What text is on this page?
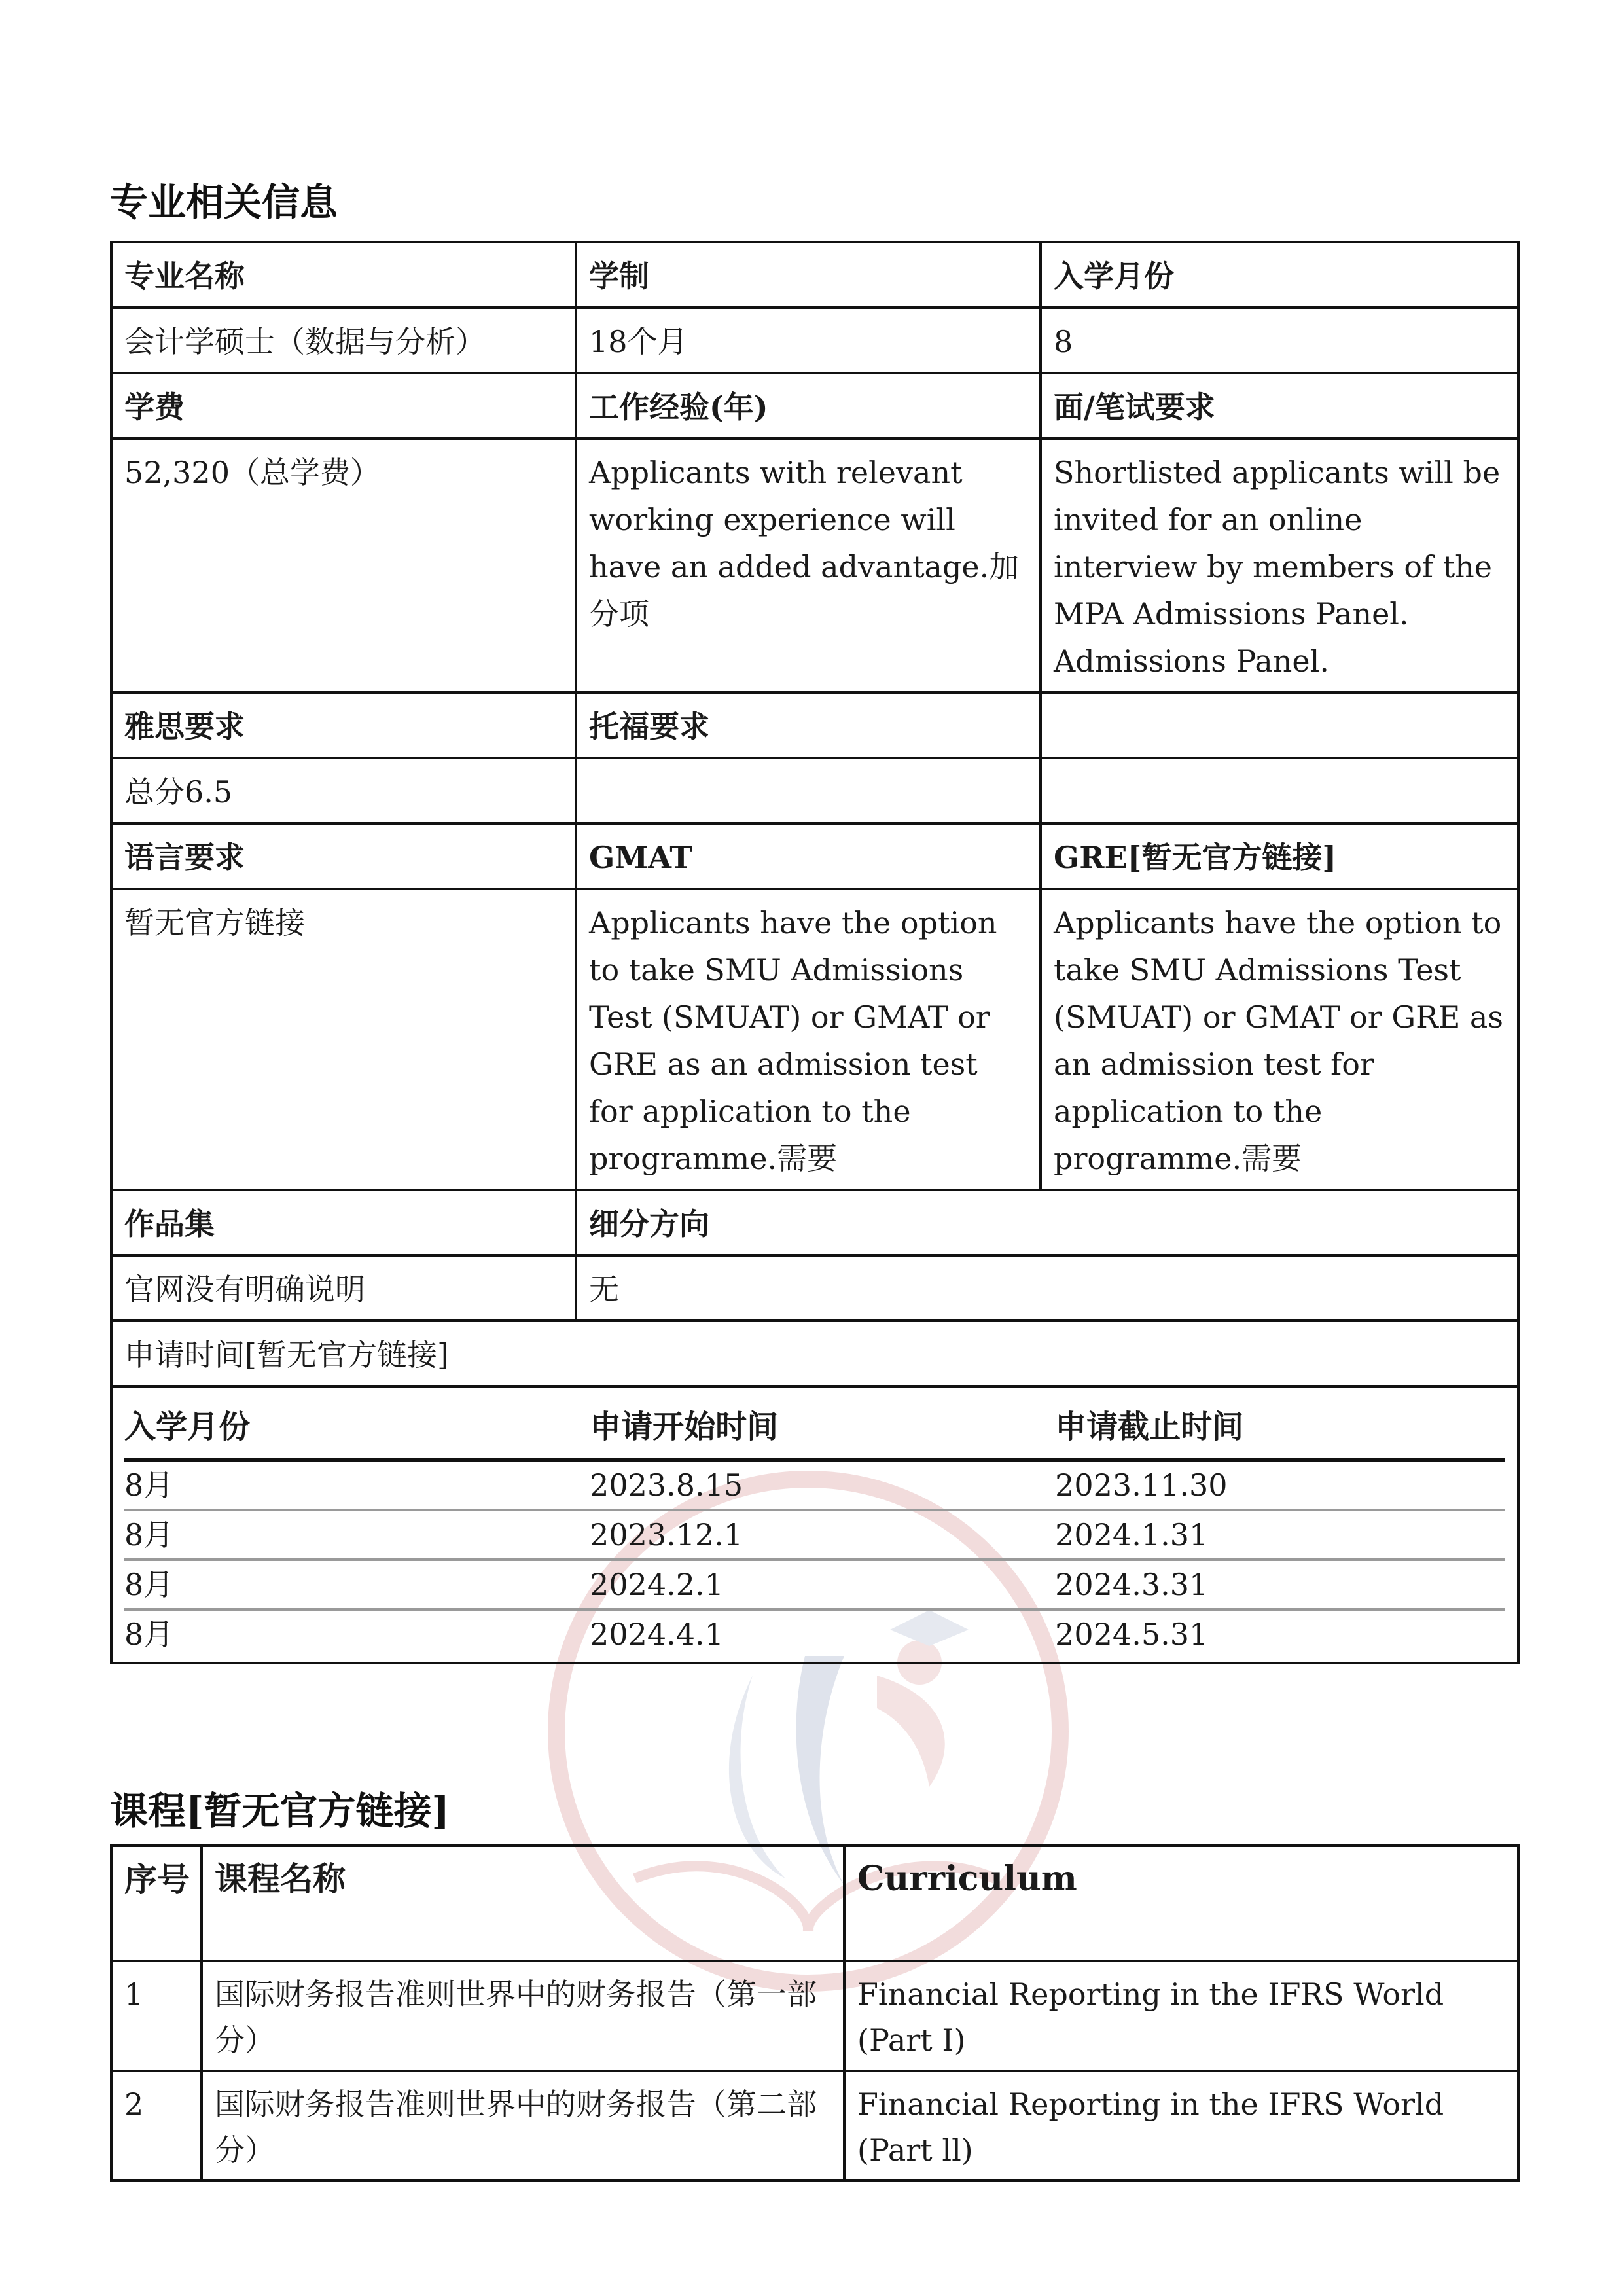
专业相关信息
专业名称	学制	入学月份
会计学硕士（数据与分析）	18个月	8
学费	工作经验(年)	面/笔试要求
52,320（总学费）	Applicants with relevant working experience will have an added advantage.加分项	Shortlisted applicants will be invited for an online interview by members of the MPA Admissions Panel. Admissions Panel.
雅思要求	托福要求	
总分6.5		
语言要求	GMAT	GRE[暂无官方链接]
暂无官方链接	Applicants have the option to take SMU Admissions Test (SMUAT) or GMAT or GRE as an admission test for application to the programme.需要	Applicants have the option to take SMU Admissions Test (SMUAT) or GMAT or GRE as an admission test for application to the programme.需要
作品集	细分方向
官网没有明确说明	无
申请时间[暂无官方链接]

入学月份	申请开始时间	申请截止时间
8月	2023.8.15	2023.11.30
8月	2023.12.1	2024.1.31
8月	2024.2.1	2024.3.31
8月	2024.4.1	2024.5.31
课程[暂无官方链接]
序号	课程名称	Curriculum
1	国际财务报告准则世界中的财务报告（第一部分）	Financial Reporting in the IFRS World (Part I)
2	国际财务报告准则世界中的财务报告（第二部分）	Financial Reporting in the IFRS World (Part ll)
